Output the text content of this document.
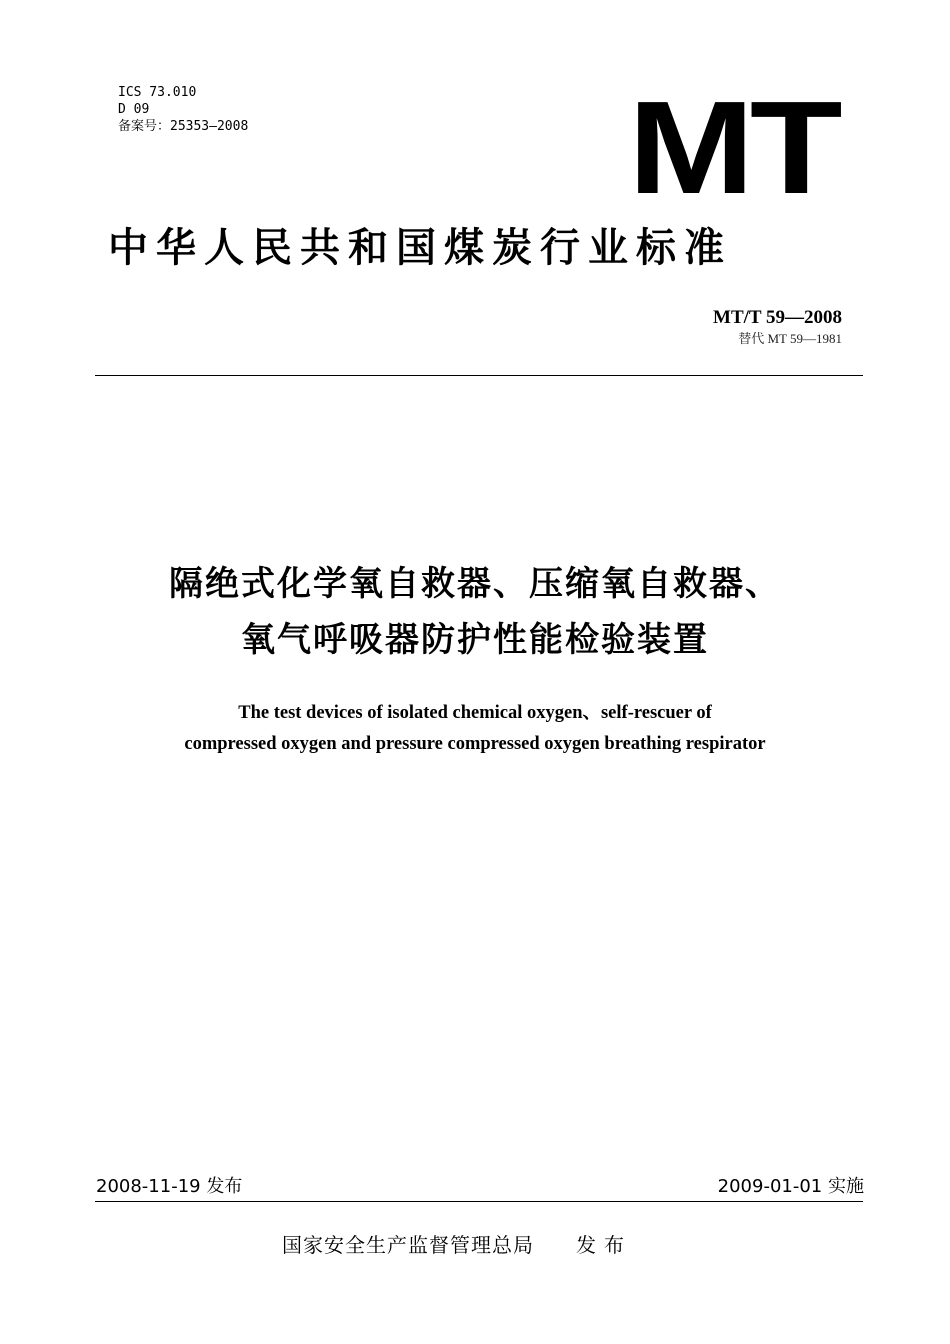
ICS 73.010
D 09
备案号：25353—2008	MT
中华人民共和国煤炭行业标准
MT/T 59—2008
替代 MT 59—1981
隔绝式化学氧自救器、压缩氧自救器、
氧气呼吸器防护性能检验装置
The test devices of isolated chemical oxygen、self-rescuer of
compressed oxygen and pressure compressed oxygen breathing respirator
2008-11-19 发布	2009-01-01 实施
国家安全生产监督管理总局 发布
